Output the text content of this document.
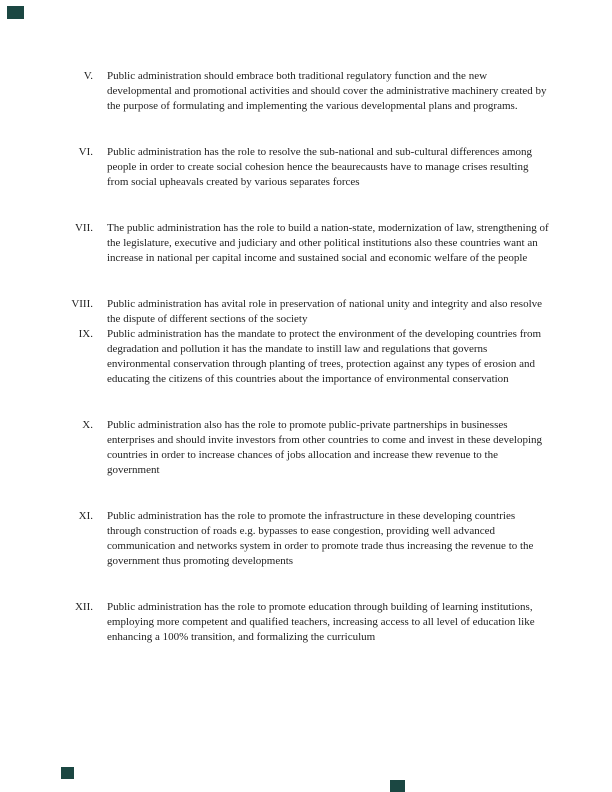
V. Public administration should embrace both traditional regulatory function and the new developmental and promotional activities and should cover the administrative machinery created by the purpose of formulating and implementing the various developmental plans and programs.
VI. Public administration has the role to resolve the sub-national and sub-cultural differences among people in order to create social cohesion hence the beaurecausts have to manage crises resulting from social upheavals created by various separates forces
VII. The public administration has the role to build a nation-state, modernization of law, strengthening of the legislature, executive and judiciary and other political institutions also these countries want an increase in national per capital income and sustained social and economic welfare of the people
VIII. Public administration has avital role in preservation of national unity and integrity and also resolve the dispute of different sections of the society
IX. Public administration has the mandate to protect the environment of the developing countries from degradation and pollution it has the mandate to instill law and regulations that governs environmental conservation through planting of trees, protection against any types of erosion and educating the citizens of this countries about the importance of environmental conservation
X. Public administration also has the role to promote public-private partnerships in businesses enterprises and should invite investors from other countries to come and invest in these developing countries in order to increase chances of jobs allocation and increase thew revenue to the government
XI. Public administration has the role to promote the infrastructure in these developing countries through construction of roads e.g. bypasses to ease congestion, providing well advanced communication and networks system in order to promote trade thus increasing the revenue to the government thus promoting developments
XII. Public administration has the role to promote education through building of learning institutions, employing more competent and qualified teachers, increasing access to all level of education like enhancing a 100% transition, and formalizing the curriculum
